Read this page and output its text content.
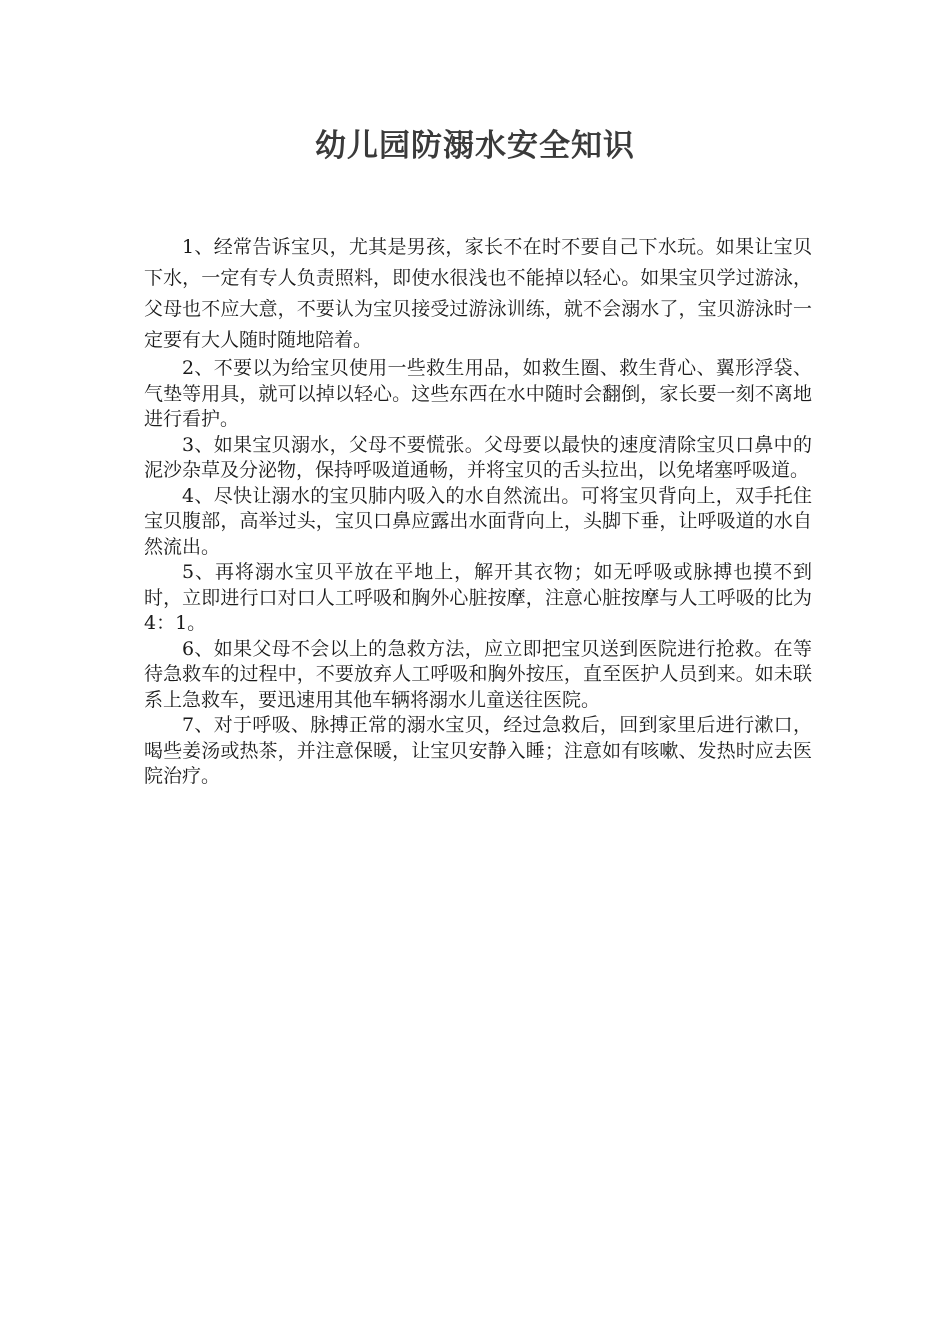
幼儿园防溺水安全知识

1、经常告诉宝贝，尤其是男孩，家长不在时不要自己下水玩。如果让宝贝下水，一定有专人负责照料，即使水很浅也不能掉以轻心。如果宝贝学过游泳，父母也不应大意，不要认为宝贝接受过游泳训练，就不会溺水了，宝贝游泳时一定要有大人随时随地陪着。

2、不要以为给宝贝使用一些救生用品，如救生圈、救生背心、翼形浮袋、气垫等用具，就可以掉以轻心。这些东西在水中随时会翻倒，家长要一刻不离地进行看护。

3、如果宝贝溺水，父母不要慌张。父母要以最快的速度清除宝贝口鼻中的泥沙杂草及分泌物，保持呼吸道通畅，并将宝贝的舌头拉出，以免堵塞呼吸道。

4、尽快让溺水的宝贝肺内吸入的水自然流出。可将宝贝背向上，双手托住宝贝腹部，高举过头，宝贝口鼻应露出水面背向上，头脚下垂，让呼吸道的水自然流出。

5、再将溺水宝贝平放在平地上，解开其衣物；如无呼吸或脉搏也摸不到时，立即进行口对口人工呼吸和胸外心脏按摩，注意心脏按摩与人工呼吸的比为 4：1。

6、如果父母不会以上的急救方法，应立即把宝贝送到医院进行抢救。在等待急救车的过程中，不要放弃人工呼吸和胸外按压，直至医护人员到来。如未联系上急救车，要迅速用其他车辆将溺水儿童送往医院。

7、对于呼吸、脉搏正常的溺水宝贝，经过急救后，回到家里后进行漱口，喝些姜汤或热茶，并注意保暖，让宝贝安静入睡；注意如有咳嗽、发热时应去医院治疗。
